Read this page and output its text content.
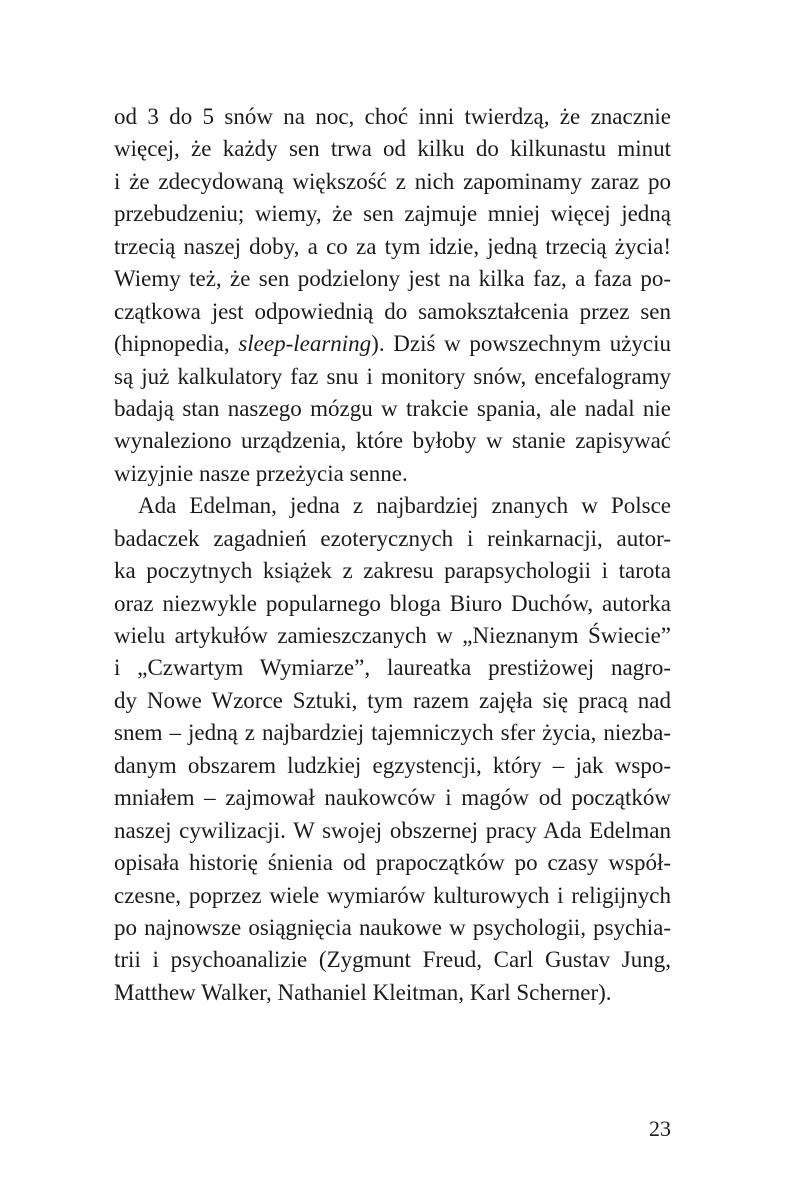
od 3 do 5 snów na noc, choć inni twierdzą, że znacznie
więcej, że każdy sen trwa od kilku do kilkunastu minut
i że zdecydowaną większość z nich zapominamy zaraz po
przebudzeniu; wiemy, że sen zajmuje mniej więcej jedną
trzecią naszej doby, a co za tym idzie, jedną trzecią życia!
Wiemy też, że sen podzielony jest na kilka faz, a faza po-
czątkowa jest odpowiednią do samokształcenia przez sen
(hipnopedia, sleep-learning). Dziś w powszechnym użyciu
są już kalkulatory faz snu i monitory snów, encefalogramy
badają stan naszego mózgu w trakcie spania, ale nadal nie
wynaleziono urządzenia, które byłoby w stanie zapisywać
wizyjnie nasze przeżycia senne.
Ada Edelman, jedna z najbardziej znanych w Polsce
badaczek zagadnień ezoterycznych i reinkarnacji, autor-
ka poczytnych książek z zakresu parapsychologii i tarota
oraz niezwykle popularnego bloga Biuro Duchów, autorka
wielu artykułów zamieszczanych w „Nieznanym Świecie”
i „Czwartym Wymiarze”, laureatka prestiżowej nagro-
dy Nowe Wzorce Sztuki, tym razem zajęła się pracą nad
snem – jedną z najbardziej tajemniczych sfer życia, niezba-
danym obszarem ludzkiej egzystencji, który – jak wspo-
mniałem – zajmował naukowców i magów od początków
naszej cywilizacji. W swojej obszernej pracy Ada Edelman
opisała historię śnienia od prapoczątków po czasy współ-
czesne, poprzez wiele wymiarów kulturowych i religijnych
po najnowsze osiągnięcia naukowe w psychologii, psychia-
trii i psychoanalizie (Zygmunt Freud, Carl Gustav Jung,
Matthew Walker, Nathaniel Kleitman, Karl Scherner).
23
